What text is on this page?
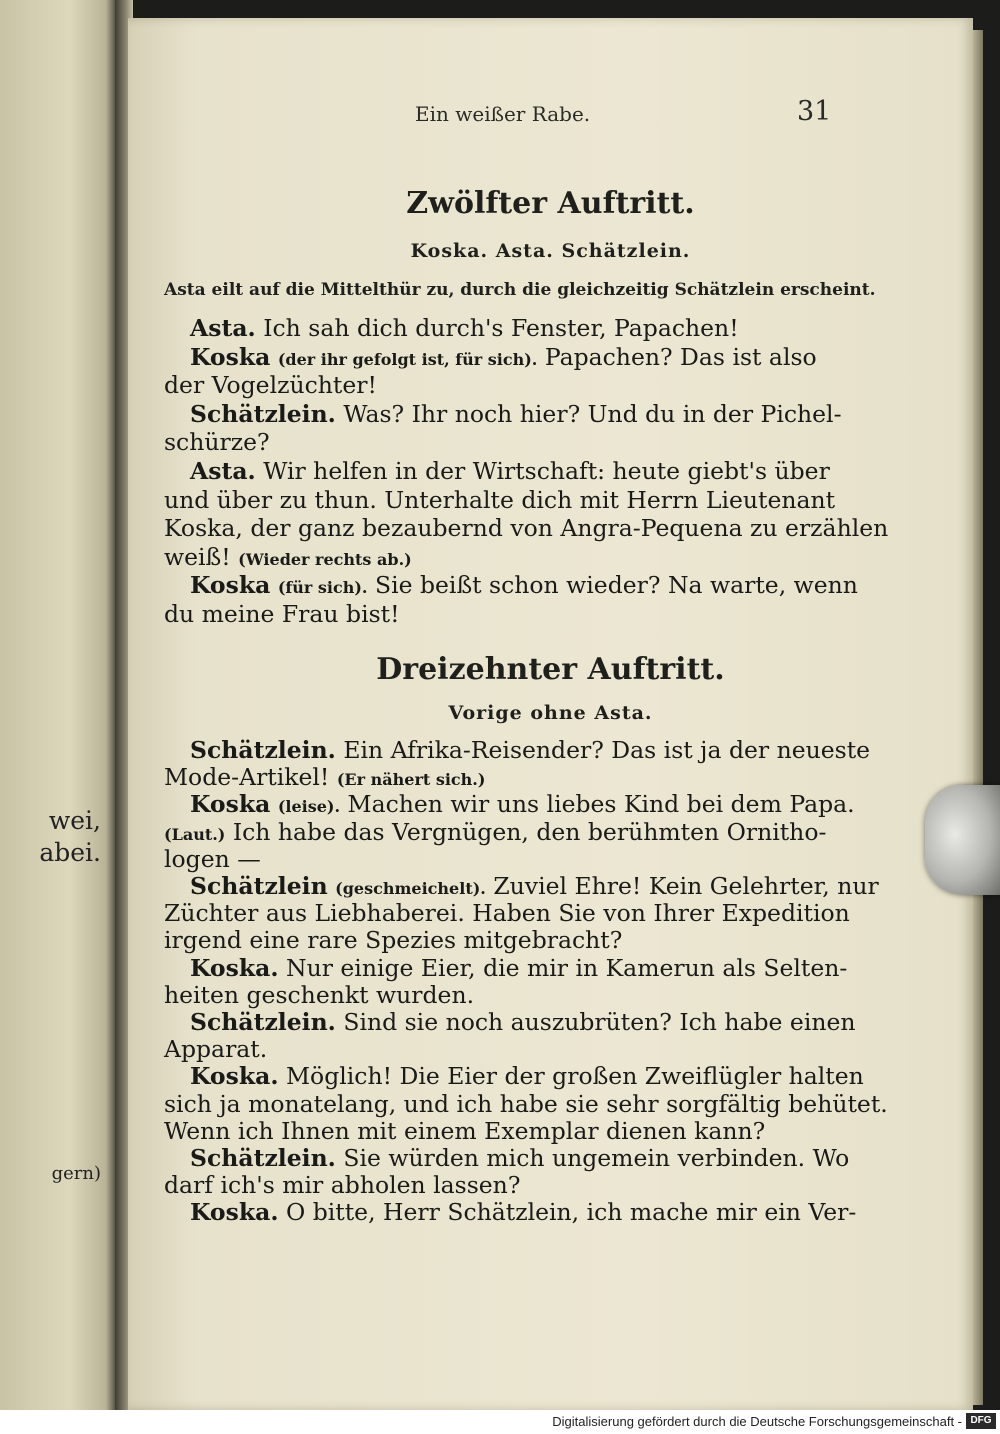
wei,
abei.
gern)
Ein weißer Rabe.	31
Zwölfter Auftritt.
Koska. Asta. Schätzlein.
Asta eilt auf die Mittelthür zu, durch die gleichzeitig Schätzlein erscheint.
Asta. Ich sah dich durch's Fenster, Papachen!
Koska (der ihr gefolgt ist, für sich). Papachen? Das ist also
der Vogelzüchter!
Schätzlein. Was? Ihr noch hier? Und du in der Pichel-
schürze?
Asta. Wir helfen in der Wirtschaft: heute giebt's über
und über zu thun. Unterhalte dich mit Herrn Lieutenant
Koska, der ganz bezaubernd von Angra-Pequena zu erzählen
weiß! (Wieder rechts ab.)
Koska (für sich). Sie beißt schon wieder? Na warte, wenn
du meine Frau bist!
Dreizehnter Auftritt.
Vorige ohne Asta.
Schätzlein. Ein Afrika-Reisender? Das ist ja der neueste
Mode-Artikel! (Er nähert sich.)
Koska (leise). Machen wir uns liebes Kind bei dem Papa.
(Laut.) Ich habe das Vergnügen, den berühmten Ornitho-
logen —
Schätzlein (geschmeichelt). Zuviel Ehre! Kein Gelehrter, nur
Züchter aus Liebhaberei. Haben Sie von Ihrer Expedition
irgend eine rare Spezies mitgebracht?
Koska. Nur einige Eier, die mir in Kamerun als Selten-
heiten geschenkt wurden.
Schätzlein. Sind sie noch auszubrüten? Ich habe einen
Apparat.
Koska. Möglich! Die Eier der großen Zweiflügler halten
sich ja monatelang, und ich habe sie sehr sorgfältig behütet.
Wenn ich Ihnen mit einem Exemplar dienen kann?
Schätzlein. Sie würden mich ungemein verbinden. Wo
darf ich's mir abholen lassen?
Koska. O bitte, Herr Schätzlein, ich mache mir ein Ver-
Digitalisierung gefördert durch die Deutsche Forschungsgemeinschaft - DFG
